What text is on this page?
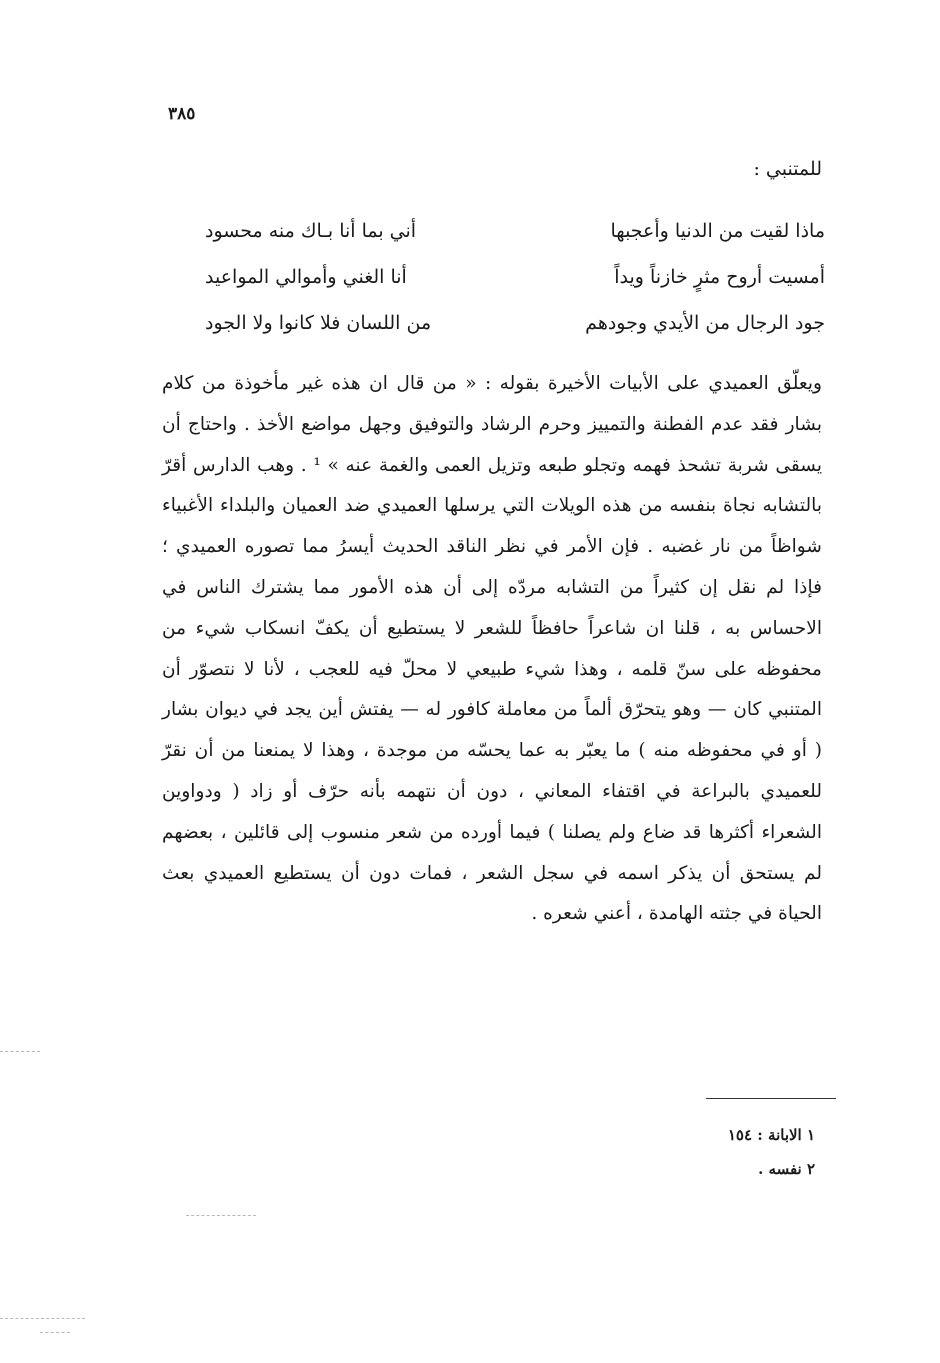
٣٨٥
للمتنبي :
ماذا لقيت من الدنيا وأعجبها
أني بما أنا بـاك منه محسود
أمسيت أروح مثرٍ خازناً ويداً
أنا الغني وأموالي المواعيد
جود الرجال من الأيدي وجودهم
من اللسان فلا كانوا ولا الجود

ويعلّق العميدي على الأبيات الأخيرة بقوله : « من قال ان هذه غير مأخوذة من كلام بشار فقد عدم الفطنة والتمييز وحرم الرشاد والتوفيق وجهل مواضع الأخذ . واحتاج أن يسقى شربة تشحذ فهمه وتجلو طبعه وتزيل العمى والغمة عنه » ¹ . وهب الدارس أقرّ بالتشابه نجاة بنفسه من هذه الويلات التي يرسلها العميدي ضد العميان والبلداء الأغبياء شواظاً من نار غضبه . فإن الأمر في نظر الناقد الحديث أيسرُ مما تصوره العميدي ؛ فإذا لم نقل إن كثيراً من التشابه مردّه إلى أن هذه الأمور مما يشترك الناس في الاحساس به ، قلنا ان شاعراً حافظاً للشعر لا يستطيع أن يكفّ انسكاب شيء من محفوظه على سنّ قلمه ، وهذا شيء طبيعي لا محلّ فيه للعجب ، لأنا لا نتصوّر أن المتنبي كان — وهو يتحرّق ألماً من معاملة كافور له — يفتش أين يجد في ديوان بشار ( أو في محفوظه منه ) ما يعبّر به عما يحسّه من موجدة ، وهذا لا يمنعنا من أن نقرّ للعميدي بالبراعة في اقتفاء المعاني ، دون أن نتهمه بأنه حرّف أو زاد ( ودواوين الشعراء أكثرها قد ضاع ولم يصلنا ) فيما أورده من شعر منسوب إلى قائلين ، بعضهم لم يستحق أن يذكر اسمه في سجل الشعر ، فمات دون أن يستطيع العميدي بعث الحياة في جثته الهامدة ، أعني شعره .

١ الابانة : ١٥٤
٢ نفسه .
